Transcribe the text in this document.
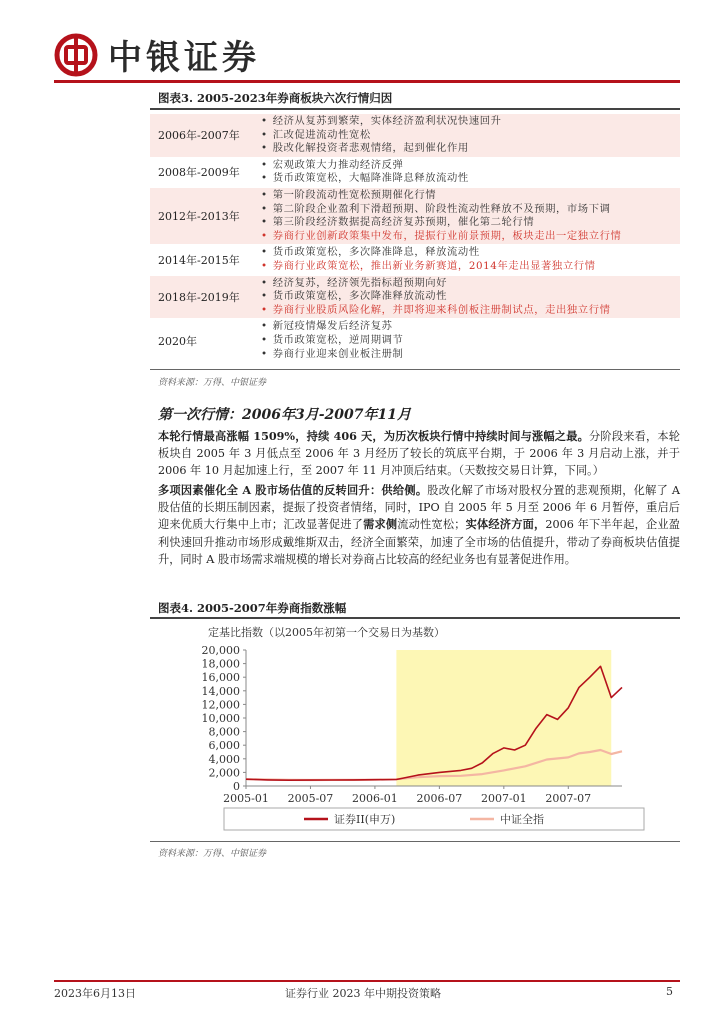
中银证券
图表3. 2005-2023年券商板块六次行情归因
2006年-2007年
• 经济从复苏到繁荣，实体经济盈利状况快速回升
• 汇改促进流动性宽松
• 股改化解投资者悲观情绪，起到催化作用
2008年-2009年
• 宏观政策大力推动经济反弹
• 货币政策宽松，大幅降准降息释放流动性
2012年-2013年
• 第一阶段流动性宽松预期催化行情
• 第二阶段企业盈利下滑超预期、阶段性流动性释放不及预期，市场下调
• 第三阶段经济数据提高经济复苏预期，催化第二轮行情
• 券商行业创新政策集中发布，提振行业前景预期，板块走出一定独立行情
2014年-2015年
• 货币政策宽松，多次降准降息，释放流动性
• 券商行业政策宽松，推出新业务新赛道，2014年走出显著独立行情
2018年-2019年
• 经济复苏，经济领先指标超预期向好
• 货币政策宽松，多次降准释放流动性
• 券商行业股质风险化解，并即将迎来科创板注册制试点，走出独立行情
2020年
• 新冠疫情爆发后经济复苏
• 货币政策宽松，逆周期调节
• 券商行业迎来创业板注册制
资料来源：万得、中银证券
第一次行情：2006年3月-2007年11月
本轮行情最高涨幅 1509%，持续 406 天，为历次板块行情中持续时间与涨幅之最。分阶段来看，本轮板块自 2005 年 3 月低点至 2006 年 3 月经历了较长的筑底平台期，于 2006 年 3 月启动上涨，并于 2006 年 10 月起加速上行，至 2007 年 11 月冲顶后结束。（天数按交易日计算，下同。）
多项因素催化全 A 股市场估值的反转回升：供给侧。股改化解了市场对股权分置的悲观预期，化解了 A 股估值的长期压制因素，提振了投资者情绪，同时，IPO 自 2005 年 5 月至 2006 年 6 月暂停，重启后迎来优质大行集中上市；汇改显著促进了需求侧流动性宽松；实体经济方面，2006 年下半年起，企业盈利快速回升推动市场形成戴维斯双击，经济全面繁荣，加速了全市场的估值提升，带动了券商板块估值提升，同时 A 股市场需求端规模的增长对券商占比较高的经纪业务也有显著促进作用。
图表4. 2005-2007年券商指数涨幅
定基比指数（以2005年初第一个交易日为基数）
0
2,000
4,000
6,000
8,000
10,000
12,000
14,000
16,000
18,000
20,000
2005-01 2005-07 2006-01 2006-07 2007-01 2007-07
证券II(申万)	中证全指
资料来源：万得、中银证券
2023年6月13日	证券行业 2023 年中期投资策略	5
